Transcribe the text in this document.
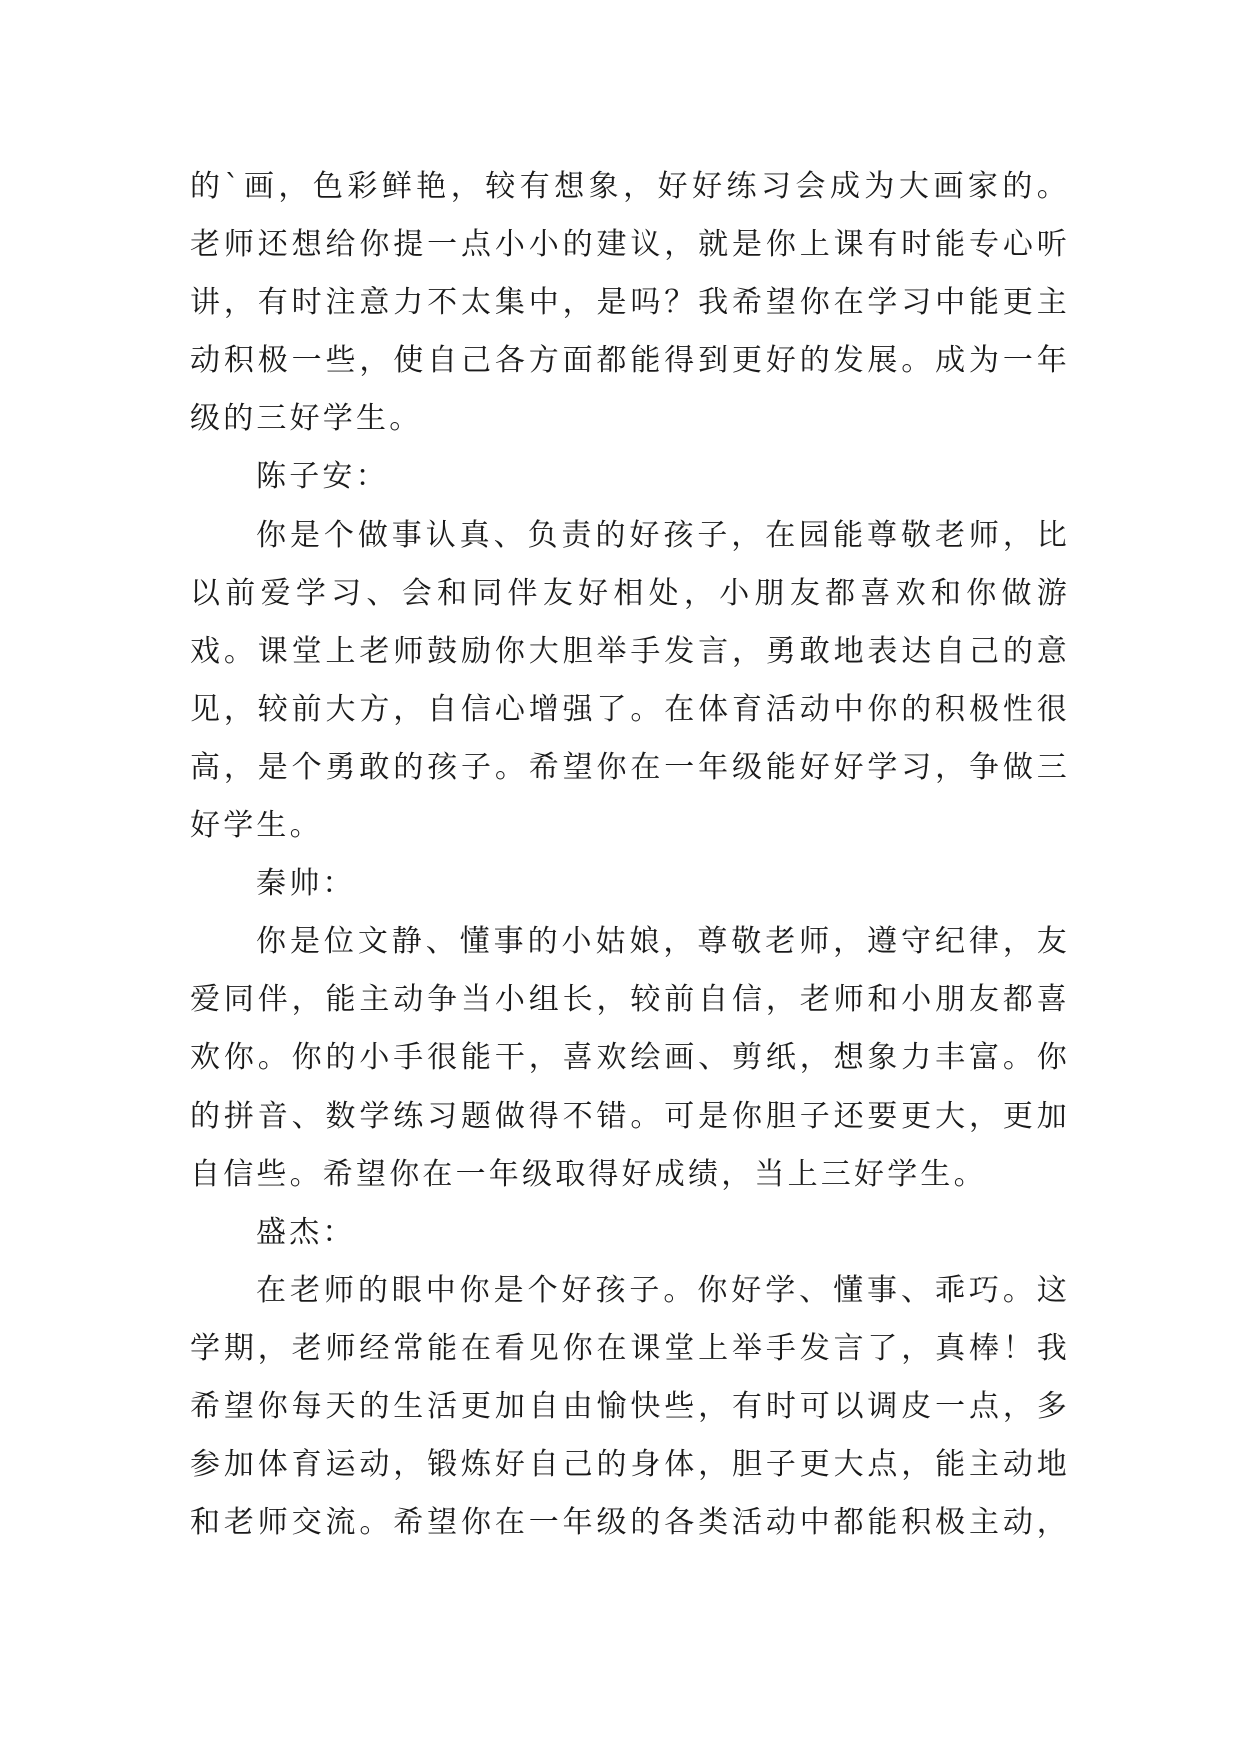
的`画，色彩鲜艳，较有想象，好好练习会成为大画家的。老师还想给你提一点小小的建议，就是你上课有时能专心听讲，有时注意力不太集中，是吗？我希望你在学习中能更主动积极一些，使自己各方面都能得到更好的发展。成为一年级的三好学生。

陈子安：

你是个做事认真、负责的好孩子，在园能尊敬老师，比以前爱学习、会和同伴友好相处，小朋友都喜欢和你做游戏。课堂上老师鼓励你大胆举手发言，勇敢地表达自己的意见，较前大方，自信心增强了。在体育活动中你的积极性很高，是个勇敢的孩子。希望你在一年级能好好学习，争做三好学生。

秦帅：

你是位文静、懂事的小姑娘，尊敬老师，遵守纪律，友爱同伴，能主动争当小组长，较前自信，老师和小朋友都喜欢你。你的小手很能干，喜欢绘画、剪纸，想象力丰富。你的拼音、数学练习题做得不错。可是你胆子还要更大，更加自信些。希望你在一年级取得好成绩，当上三好学生。

盛杰：

在老师的眼中你是个好孩子。你好学、懂事、乖巧。这学期，老师经常能在看见你在课堂上举手发言了，真棒！我希望你每天的生活更加自由愉快些，有时可以调皮一点，多参加体育运动，锻炼好自己的身体，胆子更大点，能主动地和老师交流。希望你在一年级的各类活动中都能积极主动，
